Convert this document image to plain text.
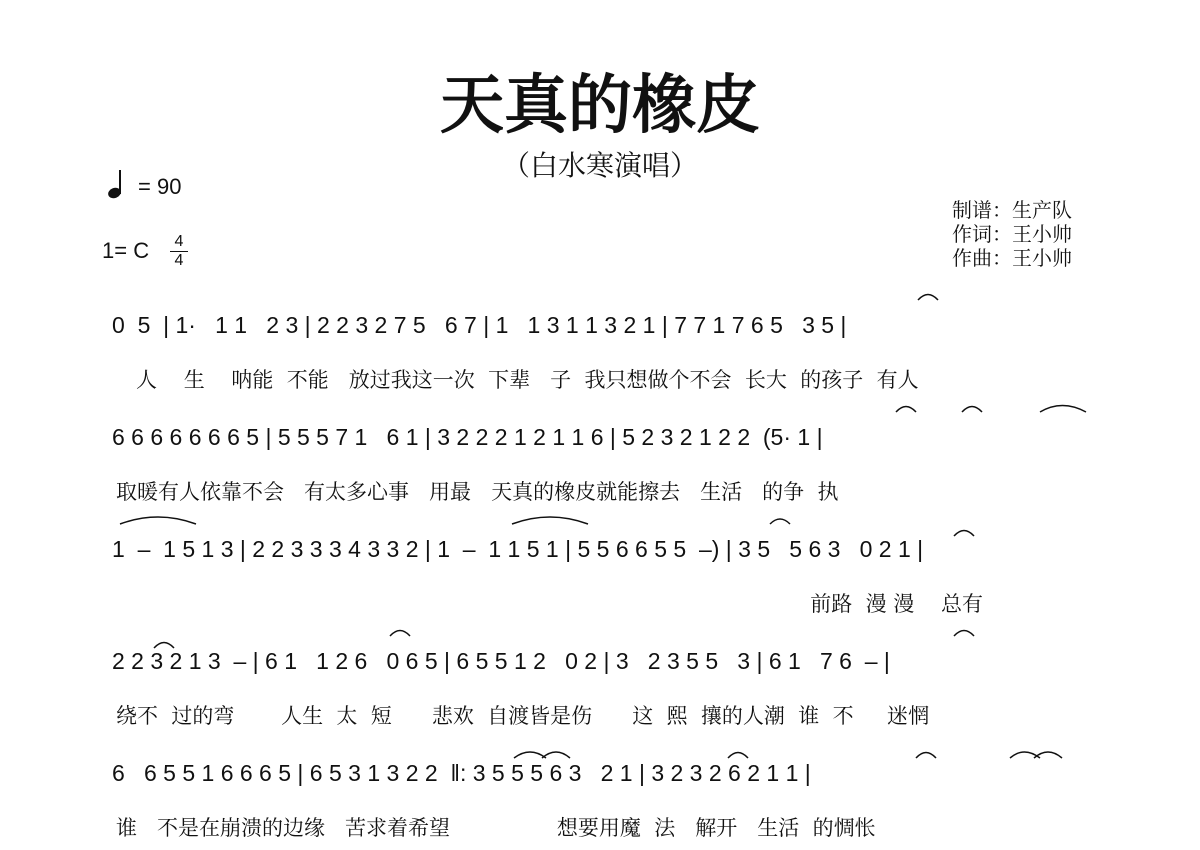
天真的橡皮
（白水寒演唱）
= 90
1= C 4
4
制谱：生产队
作词：王小帅
作曲：王小帅
0  5  | 1·   1 1   2 3 | 2 2 3 2 7 5   6 7 | 1   1 3 1 1 3 2 1 | 7 7 1 7 6 5   3 5 |
人    生    呐能  不能   放过我这一次  下辈   子  我只想做个不会  长大  的孩子  有人
6 6 6 6 6 6 6 5 | 5 5 5 7 1   6 1 | 3 2 2 2 1 2 1 1 6 | 5 2 3 2 1 2 2  (5· 1 |
取暖有人依靠不会   有太多心事   用最   天真的橡皮就能擦去   生活   的争  执
1  –  1 5 1 3 | 2 2 3 3 3 4 3 3 2 | 1  –  1 1 5 1 | 5 5 6 6 5 5  –) | 3 5   5 6 3   0 2 1 |
前路  漫 漫    总有
2 2 3 2 1 3  – | 6 1   1 2 6   0 6 5 | 6 5 5 1 2   0 2 | 3   2 3 5 5   3 | 6 1   7 6  – |
绕不  过的弯       人生  太  短      悲欢  自渡皆是伤      这  熙  攘的人潮  谁  不     迷惘
6   6 5 5 1 6 6 6 5 | 6 5 3 1 3 2 2  ‖: 3 5 5 5 6 3   2 1 | 3 2 3 2 6 2 1 1 |
谁   不是在崩溃的边缘   苦求着希望                想要用魔  法   解开   生活  的惆怅
